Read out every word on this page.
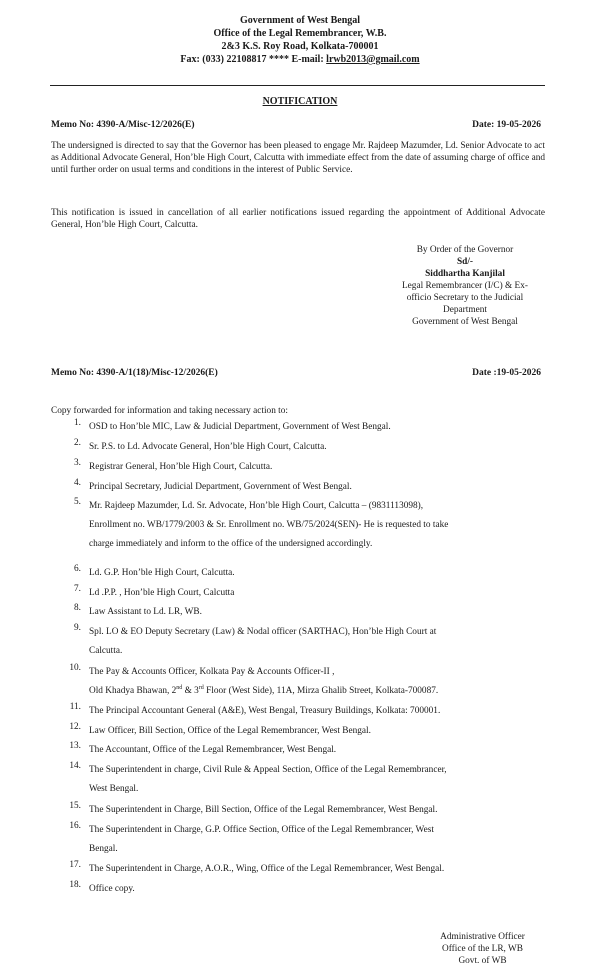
Government of West Bengal
Office of the Legal Remembrancer, W.B.
2&3 K.S. Roy Road, Kolkata-700001
Fax: (033) 22108817 **** E-mail: lrwb2013@gmail.com
NOTIFICATION
Memo No: 4390-A/Misc-12/2026(E)	Date: 19-05-2026
The undersigned is directed to say that the Governor has been pleased to engage Mr. Rajdeep Mazumder, Ld. Senior Advocate to act as Additional Advocate General, Hon’ble High Court, Calcutta with immediate effect from the date of assuming charge of office and until further order on usual terms and conditions in the interest of Public Service.
This notification is issued in cancellation of all earlier notifications issued regarding the appointment of Additional Advocate General, Hon’ble High Court, Calcutta.
By Order of the Governor
Sd/-
Siddhartha Kanjilal
Legal Remembrancer (I/C) & Ex-
officio Secretary to the Judicial
Department
Government of West Bengal
Memo No: 4390-A/1(18)/Misc-12/2026(E)	Date :19-05-2026
Copy forwarded for information and taking necessary action to:
1. OSD to Hon’ble MIC, Law & Judicial Department, Government of West Bengal.
2. Sr. P.S. to Ld. Advocate General, Hon’ble High Court, Calcutta.
3. Registrar General, Hon’ble High Court, Calcutta.
4. Principal Secretary, Judicial Department, Government of West Bengal.
5. Mr. Rajdeep Mazumder, Ld. Sr. Advocate, Hon’ble High Court, Calcutta – (9831113098),
Enrollment no. WB/1779/2003 & Sr. Enrollment no. WB/75/2024(SEN)- He is requested to take
charge immediately and inform to the office of the undersigned accordingly.
6. Ld. G.P. Hon’ble High Court, Calcutta.
7. Ld .P.P. , Hon’ble High Court, Calcutta
8. Law Assistant to Ld. LR, WB.
9. Spl. LO & EO Deputy Secretary (Law) & Nodal officer (SARTHAC), Hon’ble High Court at
Calcutta.
10. The Pay & Accounts Officer, Kolkata Pay & Accounts Officer-II ,
Old Khadya Bhawan, 2nd & 3rd Floor (West Side), 11A, Mirza Ghalib Street, Kolkata-700087.
11. The Principal Accountant General (A&E), West Bengal, Treasury Buildings, Kolkata: 700001.
12. Law Officer, Bill Section, Office of the Legal Remembrancer, West Bengal.
13. The Accountant, Office of the Legal Remembrancer, West Bengal.
14. The Superintendent in charge, Civil Rule & Appeal Section, Office of the Legal Remembrancer,
West Bengal.
15. The Superintendent in Charge, Bill Section, Office of the Legal Remembrancer, West Bengal.
16. The Superintendent in Charge, G.P. Office Section, Office of the Legal Remembrancer, West
Bengal.
17. The Superintendent in Charge, A.O.R., Wing, Office of the Legal Remembrancer, West Bengal.
18. Office copy.
Administrative Officer
Office of the LR, WB
Govt. of WB
